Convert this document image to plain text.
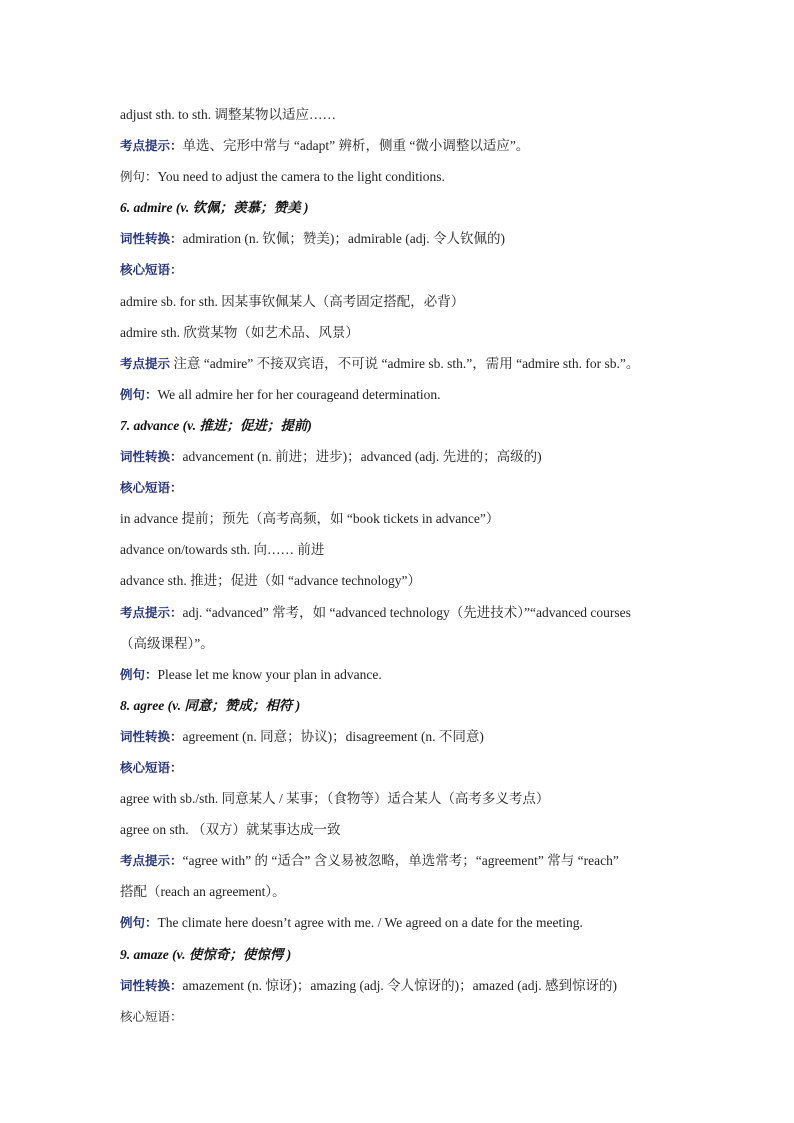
adjust sth. to sth. 调整某物以适应……
考点提示：单选、完形中常与 “adapt” 辨析，侧重 “微小调整以适应”。
例句：You need to adjust the camera to the light conditions.
6. admire (v. 钦佩；羡慕；赞美 )
词性转换：admiration (n. 钦佩；赞美)；admirable (adj. 令人钦佩的)
核心短语：
admire sb. for sth. 因某事钦佩某人（高考固定搭配，必背）
admire sth. 欣赏某物（如艺术品、风景）
考点提示 注意 “admire” 不接双宾语，不可说 “admire sb. sth.”，需用 “admire sth. for sb.”。
例句：We all admire her for her courageand determination.
7. advance (v. 推进；促进；提前)
词性转换：advancement (n. 前进；进步)；advanced (adj. 先进的；高级的)
核心短语：
in advance 提前；预先（高考高频，如 “book tickets in advance”）
advance on/towards sth. 向…… 前进
advance sth. 推进；促进（如 “advance technology”）
考点提示：adj. “advanced” 常考，如 “advanced technology（先进技术）”“advanced courses
（高级课程）”。
例句：Please let me know your plan in advance.
8. agree (v. 同意；赞成；相符 )
词性转换：agreement (n. 同意；协议)；disagreement (n. 不同意)
核心短语：
agree with sb./sth. 同意某人 / 某事；（食物等）适合某人（高考多义考点）
agree on sth. （双方）就某事达成一致
考点提示：“agree with” 的 “适合” 含义易被忽略，单选常考；“agreement” 常与 “reach”
搭配（reach an agreement）。
例句：The climate here doesn’t agree with me. / We agreed on a date for the meeting.
9. amaze (v. 使惊奇；使惊愕 )
词性转换：amazement (n. 惊讶)；amazing (adj. 令人惊讶的)；amazed (adj. 感到惊讶的)
核心短语：
